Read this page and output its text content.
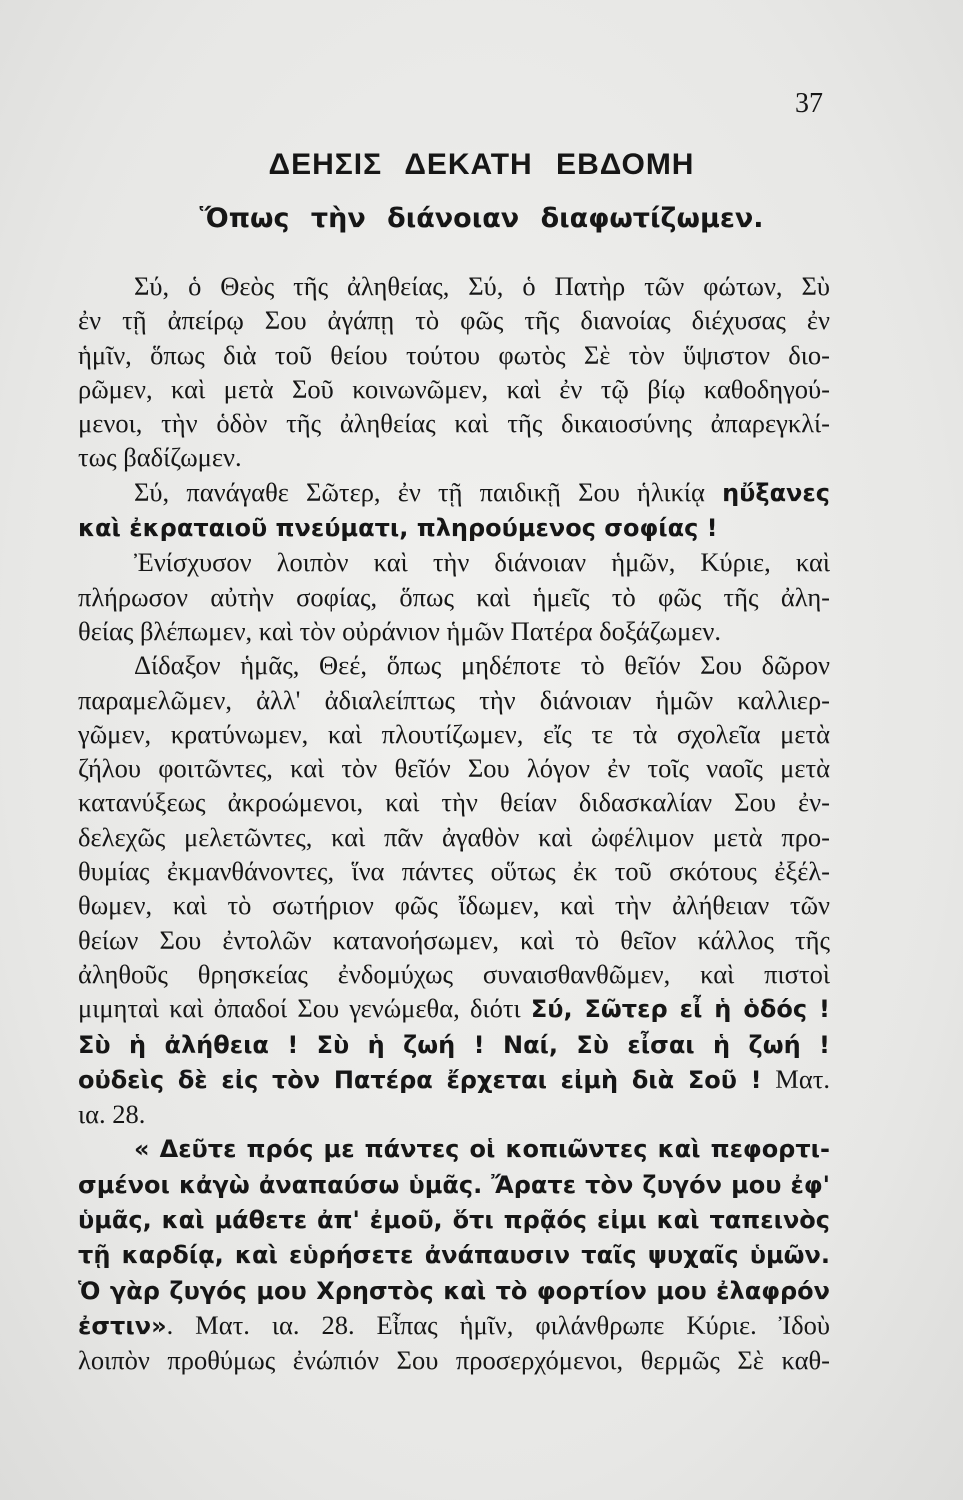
37
ΔΕΗΣΙΣ ΔΕΚΑΤΗ ΕΒΔΟΜΗ
Ὅπως τὴν διάνοιαν διαφωτίζωμεν.
Σύ, ὁ Θεὸς τῆς ἀληθείας, Σύ, ὁ Πατὴρ τῶν φώτων, Σὺ
ἐν τῇ ἀπείρῳ Σου ἀγάπῃ τὸ φῶς τῆς διανοίας διέχυσας ἐν
ἡμῖν, ὅπως διὰ τοῦ θείου τούτου φωτὸς Σὲ τὸν ὕψιστον διο-
ρῶμεν, καὶ μετὰ Σοῦ κοινωνῶμεν, καὶ ἐν τῷ βίῳ καθοδηγού-
μενοι, τὴν ὁδὸν τῆς ἀληθείας καὶ τῆς δικαιοσύνης ἀπαρεγκλί-
τως βαδίζωμεν.
Σύ, πανάγαθε Σῶτερ, ἐν τῇ παιδικῇ Σου ἡλικίᾳ ηὔξανες
καὶ ἐκραταιοῦ πνεύματι, πληρούμενος σοφίας !
Ἐνίσχυσον λοιπὸν καὶ τὴν διάνοιαν ἡμῶν, Κύριε, καὶ
πλήρωσον αὐτὴν σοφίας, ὅπως καὶ ἡμεῖς τὸ φῶς τῆς ἀλη-
θείας βλέπωμεν, καὶ τὸν οὐράνιον ἡμῶν Πατέρα δοξάζωμεν.
Δίδαξον ἡμᾶς, Θεέ, ὅπως μηδέποτε τὸ θεῖόν Σου δῶρον
παραμελῶμεν, ἀλλ' ἀδιαλείπτως τὴν διάνοιαν ἡμῶν καλλιερ-
γῶμεν, κρατύνωμεν, καὶ πλουτίζωμεν, εἴς τε τὰ σχολεῖα μετὰ
ζήλου φοιτῶντες, καὶ τὸν θεῖόν Σου λόγον ἐν τοῖς ναοῖς μετὰ
κατανύξεως ἀκροώμενοι, καὶ τὴν θείαν διδασκαλίαν Σου ἐν-
δελεχῶς μελετῶντες, καὶ πᾶν ἀγαθὸν καὶ ὠφέλιμον μετὰ προ-
θυμίας ἐκμανθάνοντες, ἵνα πάντες οὕτως ἐκ τοῦ σκότους ἐξέλ-
θωμεν, καὶ τὸ σωτήριον φῶς ἴδωμεν, καὶ τὴν ἀλήθειαν τῶν
θείων Σου ἐντολῶν κατανοήσωμεν, καὶ τὸ θεῖον κάλλος τῆς
ἀληθοῦς θρησκείας ἐνδομύχως συναισθανθῶμεν, καὶ πιστοὶ
μιμηταὶ καὶ ὀπαδοί Σου γενώμεθα, διότι Σύ, Σῶτερ εἶ ἡ ὁδός !
Σὺ ἡ ἀλήθεια ! Σὺ ἡ ζωή ! Ναί, Σὺ εἶσαι ἡ ζωή !
οὐδεὶς δὲ εἰς τὸν Πατέρα ἔρχεται εἰμὴ διὰ Σοῦ ! Ματ.
ια. 28.
« Δεῦτε πρός με πάντες οἱ κοπιῶντες καὶ πεφορτι-
σμένοι κἀγὼ ἀναπαύσω ὑμᾶς. Ἄρατε τὸν ζυγόν μου ἐφ'
ὑμᾶς, καὶ μάθετε ἀπ' ἐμοῦ, ὅτι πρᾷός εἰμι καὶ ταπεινὸς
τῇ καρδίᾳ, καὶ εὑρήσετε ἀνάπαυσιν ταῖς ψυχαῖς ὑμῶν.
Ὁ γὰρ ζυγός μου Χρηστὸς καὶ τὸ φορτίον μου ἐλαφρόν
ἐστιν». Ματ. ια. 28. Εἶπας ἡμῖν, φιλάνθρωπε Κύριε. Ἰδοὺ
λοιπὸν προθύμως ἐνώπιόν Σου προσερχόμενοι, θερμῶς Σὲ καθ-
